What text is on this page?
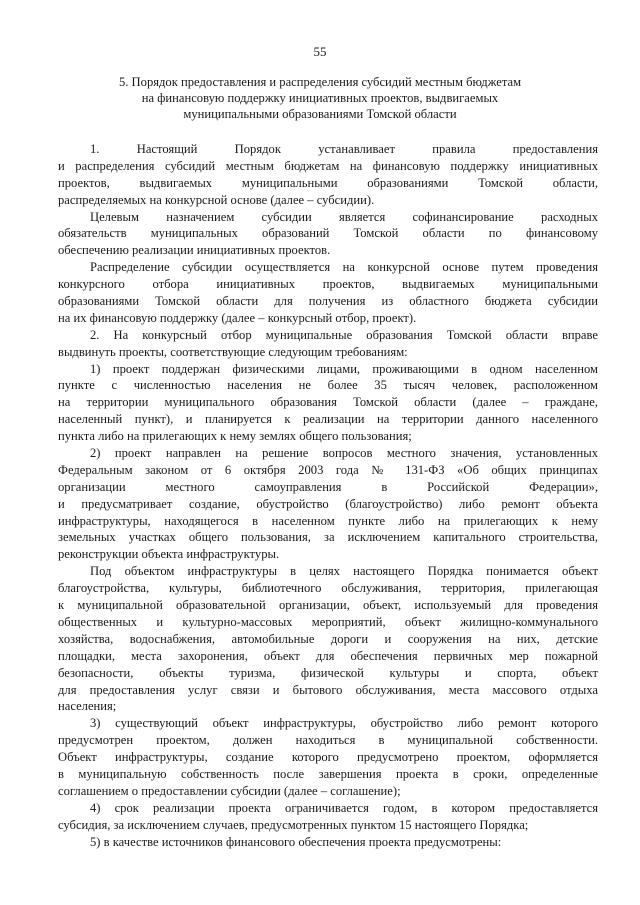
55
5. Порядок предоставления и распределения субсидий местным бюджетам
на финансовую поддержку инициативных проектов, выдвигаемых
муниципальными образованиями Томской области
1. Настоящий Порядок устанавливает правила предоставления
и распределения субсидий местным бюджетам на финансовую поддержку инициативных
проектов, выдвигаемых муниципальными образованиями Томской области,
распределяемых на конкурсной основе (далее – субсидии).
Целевым назначением субсидии является софинансирование расходных
обязательств муниципальных образований Томской области по финансовому
обеспечению реализации инициативных проектов.
Распределение субсидии осуществляется на конкурсной основе путем проведения
конкурсного отбора инициативных проектов, выдвигаемых муниципальными
образованиями Томской области для получения из областного бюджета субсидии
на их финансовую поддержку (далее – конкурсный отбор, проект).
2. На конкурсный отбор муниципальные образования Томской области вправе
выдвинуть проекты, соответствующие следующим требованиям:
1) проект поддержан физическими лицами, проживающими в одном населенном
пункте с численностью населения не более 35 тысяч человек, расположенном
на территории муниципального образования Томской области (далее – граждане,
населенный пункт), и планируется к реализации на территории данного населенного
пункта либо на прилегающих к нему землях общего пользования;
2) проект направлен на решение вопросов местного значения, установленных
Федеральным законом от 6 октября 2003 года № 131-ФЗ «Об общих принципах
организации местного самоуправления в Российской Федерации»,
и предусматривает создание, обустройство (благоустройство) либо ремонт объекта
инфраструктуры, находящегося в населенном пункте либо на прилегающих к нему
земельных участках общего пользования, за исключением капитального строительства,
реконструкции объекта инфраструктуры.
Под объектом инфраструктуры в целях настоящего Порядка понимается объект
благоустройства, культуры, библиотечного обслуживания, территория, прилегающая
к муниципальной образовательной организации, объект, используемый для проведения
общественных и культурно-массовых мероприятий, объект жилищно-коммунального
хозяйства, водоснабжения, автомобильные дороги и сооружения на них, детские
площадки, места захоронения, объект для обеспечения первичных мер пожарной
безопасности, объекты туризма, физической культуры и спорта, объект
для предоставления услуг связи и бытового обслуживания, места массового отдыха
населения;
3) существующий объект инфраструктуры, обустройство либо ремонт которого
предусмотрен проектом, должен находиться в муниципальной собственности.
Объект инфраструктуры, создание которого предусмотрено проектом, оформляется
в муниципальную собственность после завершения проекта в сроки, определенные
соглашением о предоставлении субсидии (далее – соглашение);
4) срок реализации проекта ограничивается годом, в котором предоставляется
субсидия, за исключением случаев, предусмотренных пунктом 15 настоящего Порядка;
5) в качестве источников финансового обеспечения проекта предусмотрены:
